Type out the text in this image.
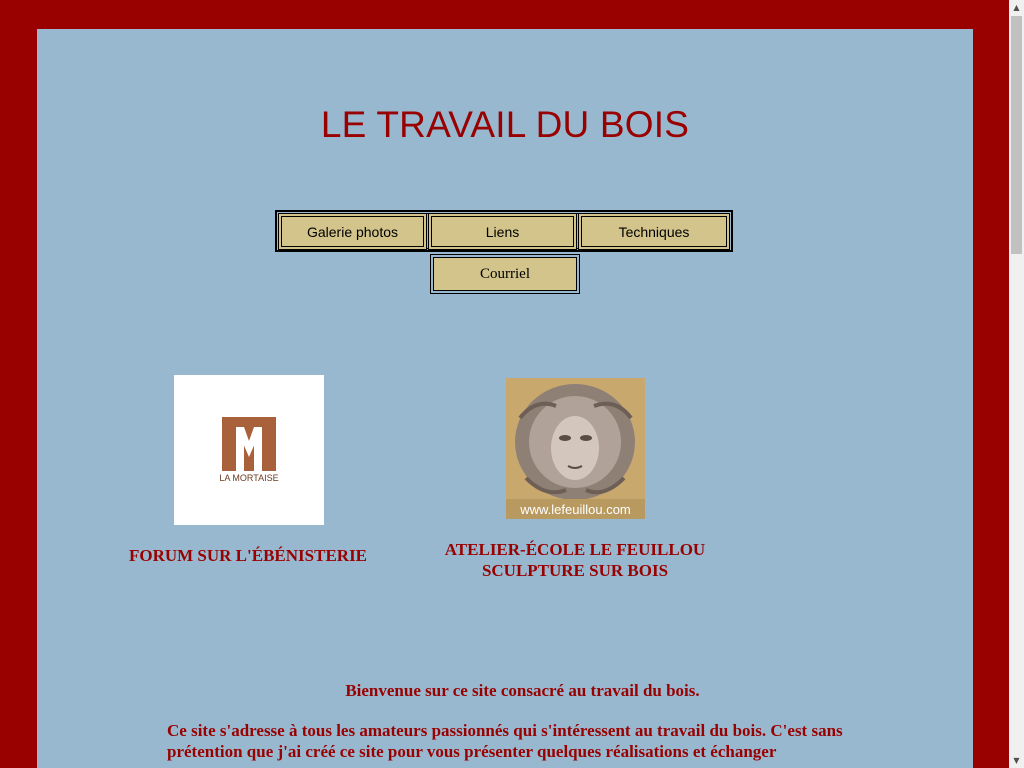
LE TRAVAIL DU BOIS
Galerie photos	Liens	Techniques
Courriel
LA MORTAISE
www.lefeuillou.com
FORUM SUR L'ÉBÉNISTERIE	ATELIER-ÉCOLE LE FEUILLOU
SCULPTURE SUR BOIS
Bienvenue sur ce site consacré au travail du bois.
Ce site s'adresse à tous les amateurs passionnés qui s'intéressent au travail du bois. C'est sans prétention que j'ai créé ce site pour vous présenter quelques réalisations et échanger
▲
▼
